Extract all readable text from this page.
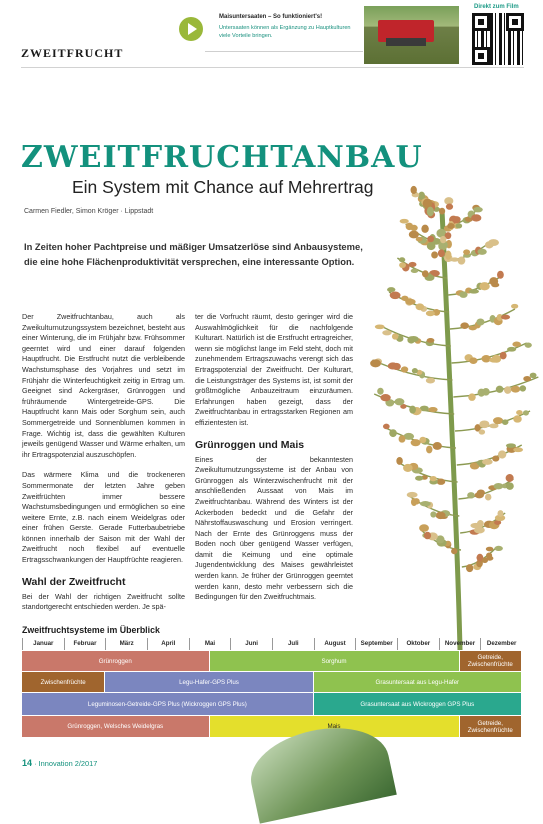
ZWEITFRUCHT
Maisuntersaaten – So funktioniert's!
Untersaaten können als Ergänzung zu Hauptkulturen viele Vorteile bringen.
Direkt zum Film
ZWEITFRUCHTANBAU
Ein System mit Chance auf Mehrertrag
Carmen Fiedler, Simon Kröger · Lippstadt
In Zeiten hoher Pachtpreise und mäßiger Umsatzerlöse sind Anbausysteme, die eine hohe Flächenproduktivität versprechen, eine interessante Option.

Der Zweitfruchtanbau, auch als Zweikulturnutzungssystem bezeichnet, besteht aus einer Winterung, die im Frühjahr bzw. Frühsommer geerntet wird und einer darauf folgenden Hauptfrucht. Die Erstfrucht nutzt die verbleibende Wachstumsphase des Vorjahres und setzt im Frühjahr die Winterfeuchtigkeit zeitig in Ertrag um. Geeignet sind Ackergräser, Grünroggen und frühräumende Wintergetreide-GPS. Die Hauptfrucht kann Mais oder Sorghum sein, auch Sommergetreide und Sonnenblumen kommen in Frage. Wichtig ist, dass die gewählten Kulturen jeweils genügend Wasser und Wärme erhalten, um ihr Ertragspotenzial auszuschöpfen.

Das wärmere Klima und die trockeneren Sommermonate der letzten Jahre geben Zweitfrüchten immer bessere Wachstumsbedingungen und ermöglichen so eine weitere Ernte, z.B. nach einem Weidelgras oder einer frühen Gerste. Gerade Futterbaubetriebe können innerhalb der Saison mit der Wahl der Zweitfrucht noch flexibel auf eventuelle Ertragsschwankungen der Hauptfrüchte reagieren.

Wahl der Zweitfrucht

Bei der Wahl der richtigen Zweitfrucht sollte standortgerecht entschieden werden. Je spä-

ter die Vorfrucht räumt, desto geringer wird die Auswahlmöglichkeit für die nachfolgende Kulturart. Natürlich ist die Erstfrucht ertragreicher, wenn sie möglichst lange im Feld steht, doch mit zunehmendem Ertragszuwachs verengt sich das Ertragspotenzial der Zweitfrucht. Der Kulturart, die Leistungsträger des Systems ist, ist somit der größtmögliche Anbauzeitraum einzuräumen. Erfahrungen haben gezeigt, dass der Zweitfruchtanbau in ertragsstarken Regionen am effizientesten ist.

Grünroggen und Mais

Eines der bekanntesten Zweikulturnutzungssysteme ist der Anbau von Grünroggen als Winterzwischenfrucht mit der anschließenden Aussaat von Mais im Zweitfruchtanbau. Während des Winters ist der Ackerboden bedeckt und die Gefahr der Nährstoffauswaschung und Erosion verringert. Nach der Ernte des Grünroggens muss der Boden noch über genügend Wasser verfügen, damit die Keimung und eine optimale Jugendentwicklung des Maises gewährleistet werden kann. Je früher der Grünroggen geerntet werden kann, desto mehr verbessern sich die Bedingungen für den Zweitfruchtmais.

Zweitfruchtsysteme im Überblick
Januar	Februar	März	April	Mai	Juni	Juli	August	September	Oktober	November	Dezember
Grünroggen	Sorghum	Getreide, Zwischenfrüchte
Zwischenfrüchte	Legu-Hafer-GPS Plus	Grasuntersaat aus Legu-Hafer
Leguminosen-Getreide-GPS Plus (Wickroggen GPS Plus)	Grasuntersaat aus Wickroggen GPS Plus
Grünroggen, Welsches Weidelgras	Mais	Getreide, Zwischenfrüchte
14 · Innovation 2/2017
